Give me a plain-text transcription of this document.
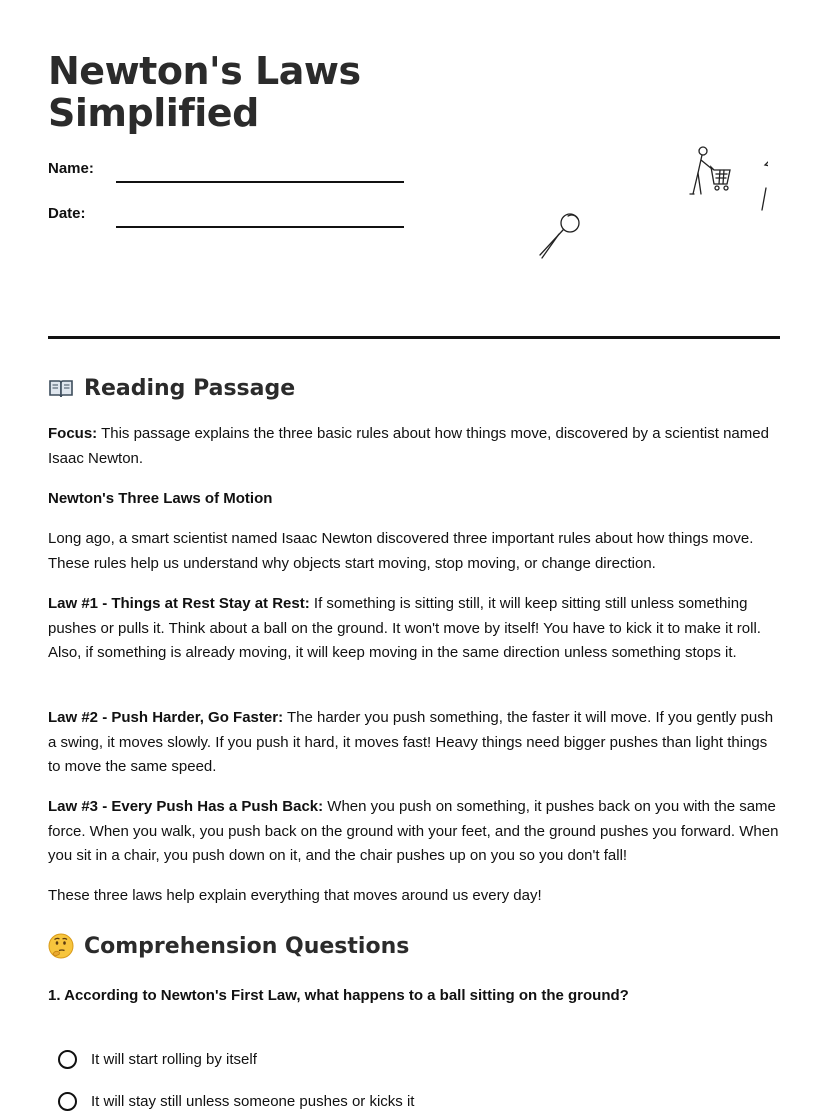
Newton's Laws Simplified
Name:
Date:
Reading Passage

Focus: This passage explains the three basic rules about how things move, discovered by a scientist named Isaac Newton.

Newton's Three Laws of Motion

Long ago, a smart scientist named Isaac Newton discovered three important rules about how things move. These rules help us understand why objects start moving, stop moving, or change direction.

Law #1 - Things at Rest Stay at Rest: If something is sitting still, it will keep sitting still unless something pushes or pulls it. Think about a ball on the ground. It won't move by itself! You have to kick it to make it roll. Also, if something is already moving, it will keep moving in the same direction unless something stops it.

Law #2 - Push Harder, Go Faster: The harder you push something, the faster it will move. If you gently push a swing, it moves slowly. If you push it hard, it moves fast! Heavy things need bigger pushes than light things to move the same speed.

Law #3 - Every Push Has a Push Back: When you push on something, it pushes back on you with the same force. When you walk, you push back on the ground with your feet, and the ground pushes you forward. When you sit in a chair, you push down on it, and the chair pushes up on you so you don't fall!

These three laws help explain everything that moves around us every day!

Comprehension Questions

1. According to Newton's First Law, what happens to a ball sitting on the ground?

It will start rolling by itself
It will stay still unless someone pushes or kicks it
